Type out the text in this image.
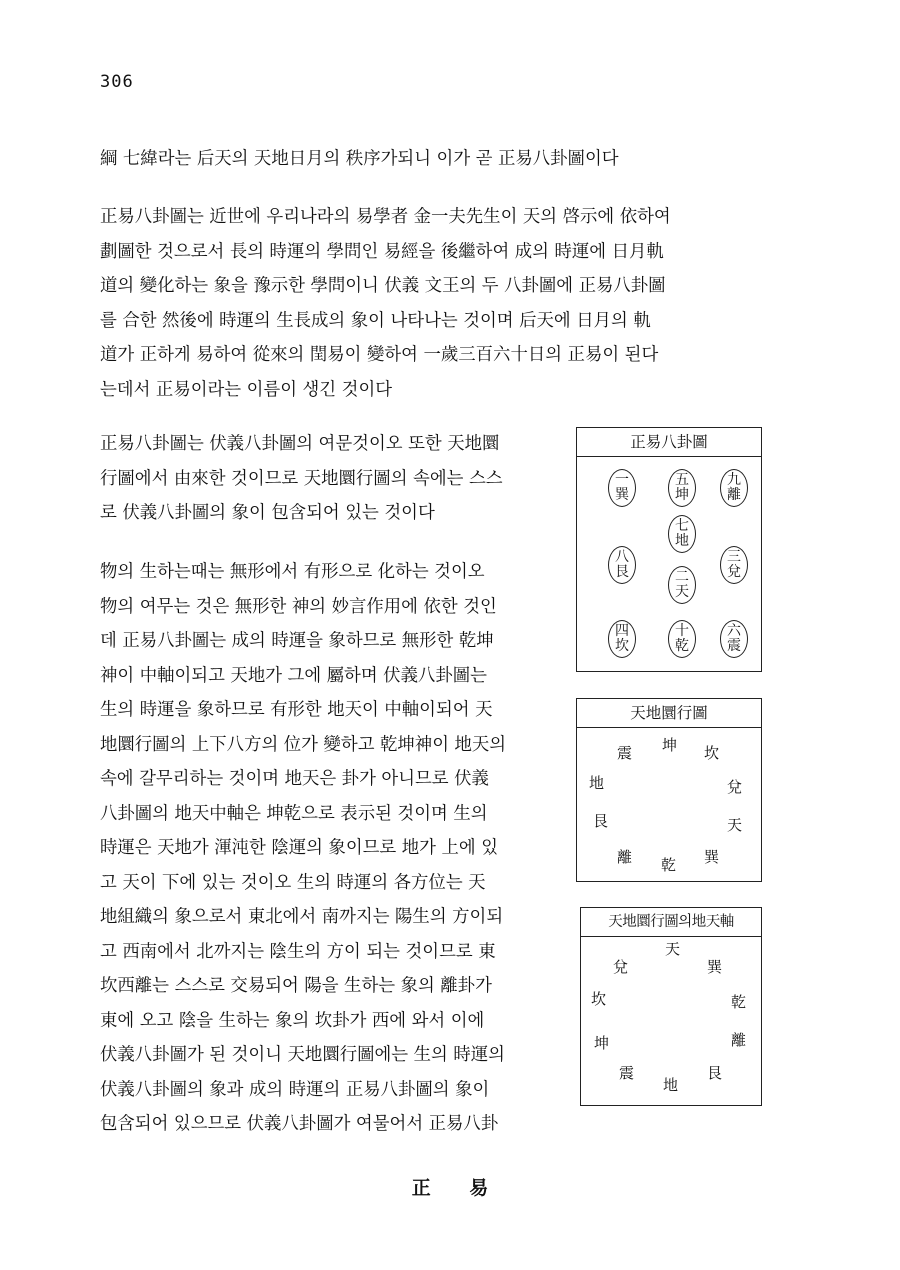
306
綱 七緯라는 后天의 天地日月의 秩序가되니 이가 곧 正易八卦圖이다
正易八卦圖는 近世에 우리나라의 易學者 金一夫先生이 天의 啓示에 依하여
劃圖한 것으로서 長의 時運의 學問인 易經을 後繼하여 成의 時運에 日月軌
道의 變化하는 象을 豫示한 學問이니 伏義 文王의 두 八卦圖에 正易八卦圖
를 合한 然後에 時運의 生長成의 象이 나타나는 것이며 后天에 日月의 軌
道가 正하게 易하여 從來의 閏易이 變하여 一歲三百六十日의 正易이 된다
는데서 正易이라는 이름이 생긴 것이다
正易八卦圖는 伏義八卦圖의 여문것이오 또한 天地圜
行圖에서 由來한 것이므로 天地圜行圖의 속에는 스스
로 伏義八卦圖의 象이 包含되어 있는 것이다
物의 生하는때는 無形에서 有形으로 化하는 것이오
物의 여무는 것은 無形한 神의 妙言作用에 依한 것인
데 正易八卦圖는 成의 時運을 象하므로 無形한 乾坤
神이 中軸이되고 天地가 그에 屬하며 伏義八卦圖는
生의 時運을 象하므로 有形한 地天이 中軸이되어 天
地圜行圖의 上下八方의 位가 變하고 乾坤神이 地天의
속에 갈무리하는 것이며 地天은 卦가 아니므로 伏義
八卦圖의 地天中軸은 坤乾으로 表示된 것이며 生의
時運은 天地가 渾沌한 陰運의 象이므로 地가 上에 있
고 天이 下에 있는 것이오 生의 時運의 各方位는 天
地組織의 象으로서 東北에서 南까지는 陽生의 方이되
고 西南에서 北까지는 陰生의 方이 되는 것이므로 東
坎西離는 스스로 交易되어 陽을 生하는 象의 離卦가
東에 오고 陰을 生하는 象의 坎卦가 西에 와서 이에
伏義八卦圖가 된 것이니 天地圜行圖에는 生의 時運의
伏義八卦圖의 象과 成의 時運의 正易八卦圖의 象이
包含되어 있으므로 伏義八卦圖가 여물어서 正易八卦
正易八卦圖
一
巽
五
坤
九
離
七
地
八
艮
三
兌
二
天
四
坎
十
乾
六
震
天地圜行圖
震 坤 坎
地	兌
艮	天
離 乾 巽
天地圜行圖의地天軸
天
兌	巽
坎	乾
坤	離
震
地
艮
正 易
